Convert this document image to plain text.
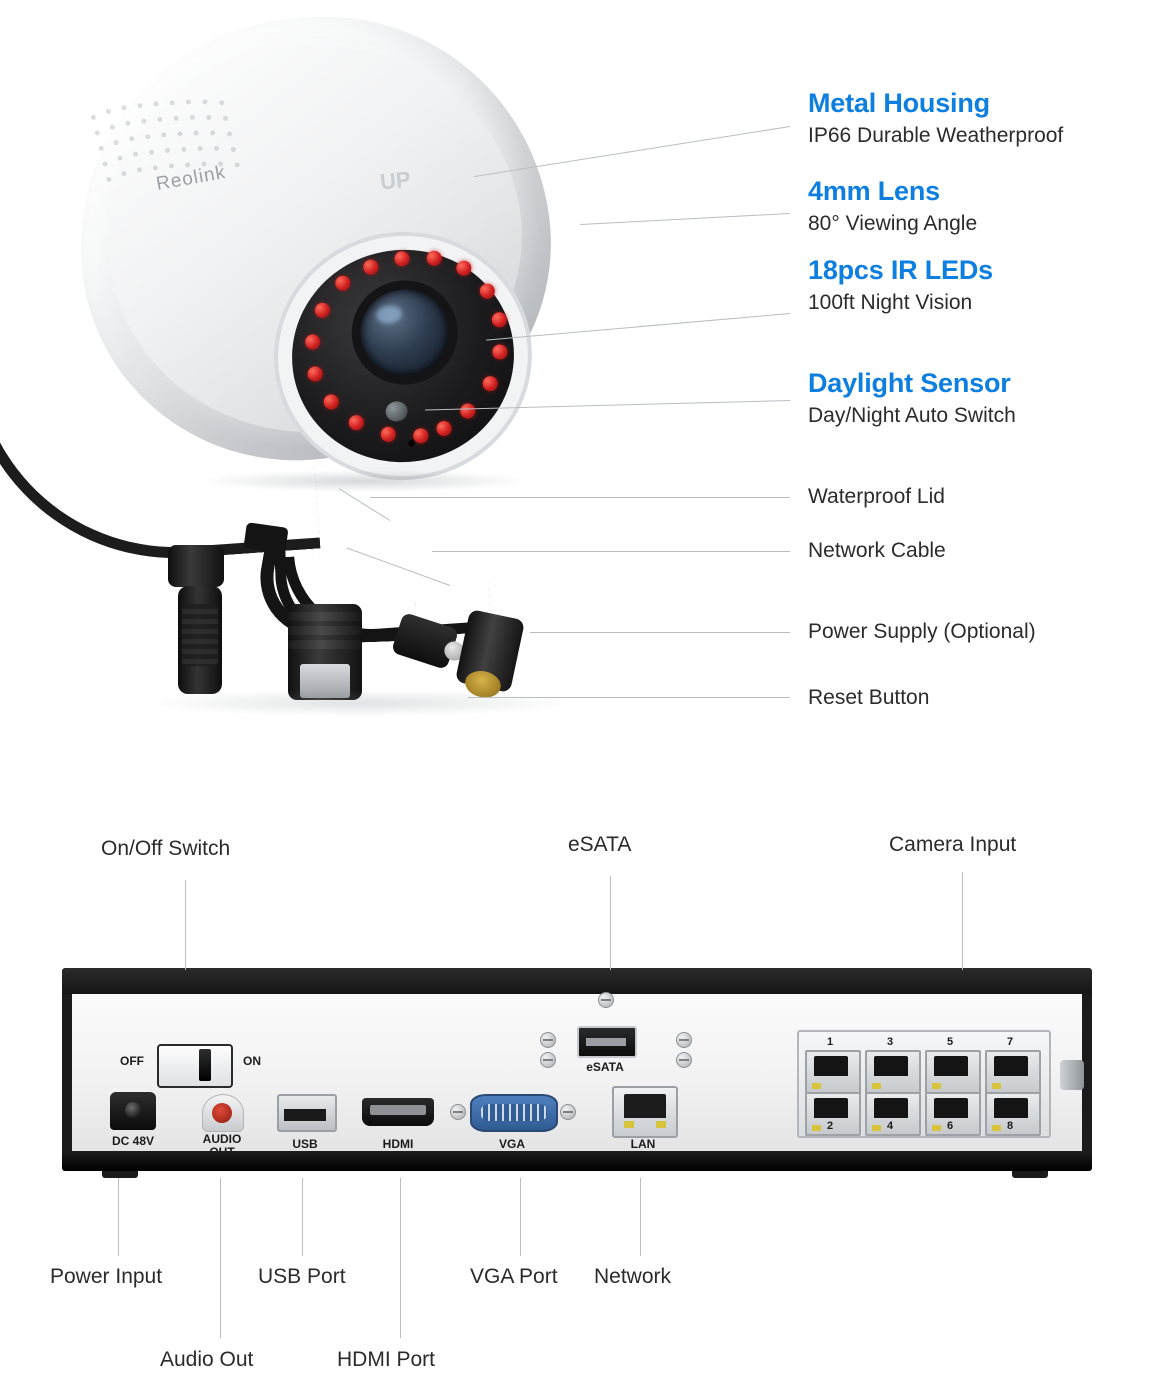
Reolink	UP
Metal Housing
IP66 Durable Weatherproof
4mm Lens
80° Viewing Angle
18pcs IR LEDs
100ft Night Vision
Daylight Sensor
Day/Night Auto Switch
Waterproof Lid
Network Cable
Power Supply (Optional)
Reset Button
OFF	ON
DC 48V	AUDIO	USB	HDMI	VGA	LAN
eSATA
1	3	5	7
2	4	6	8
On/Off Switch	eSATA	Camera Input
Power Input
Audio Out
USB Port
HDMI Port
VGA Port Network
